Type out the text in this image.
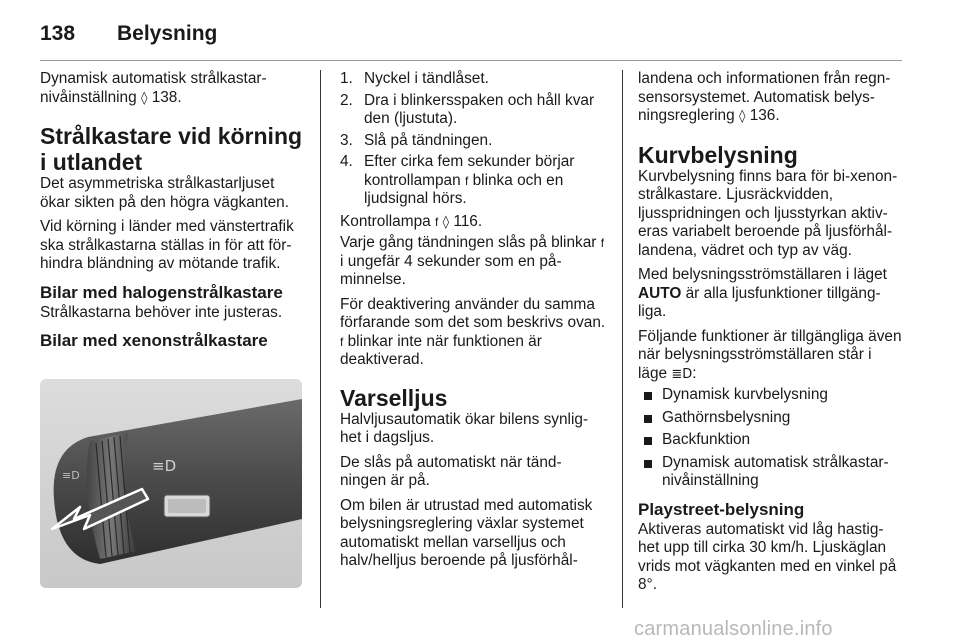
138 Belysning

Dynamisk automatisk strålkastar-nivåinställning ◊ 138.

Strålkastare vid körning i utlandet

Det asymmetriska strålkastarljuset ökar sikten på den högra vägkanten.

Vid körning i länder med vänstertrafik ska strålkastarna ställas in för att för-hindra bländning av mötande trafik.

Bilar med halogenstrålkastare

Strålkastarna behöver inte justeras.

Bilar med xenonstrålkastare
≡D
≡D
1. Nyckel i tändlåset.
2. Dra i blinkersspaken och håll kvar den (ljustuta).
3. Slå på tändningen.
4. Efter cirka fem sekunder börjar kontrollampan f blinka och en ljudsignal hörs.

Kontrollampa f ◊ 116.

Varje gång tändningen slås på blinkar f i ungefär 4 sekunder som en på-minnelse.

För deaktivering använder du samma förfarande som det som beskrivs ovan. f blinkar inte när funktionen är deaktiverad.

Varselljus

Halvljusautomatik ökar bilens synlig-het i dagsljus.

De slås på automatiskt när tänd-ningen är på.

Om bilen är utrustad med automatisk belysningsreglering växlar systemet automatiskt mellan varselljus och halv/helljus beroende på ljusförhål-

landena och informationen från regn-sensorsystemet. Automatisk belys-ningsreglering ◊ 136.

Kurvbelysning

Kurvbelysning finns bara för bi-xenon-strålkastare. Ljusräckvidden, ljusspridningen och ljusstyrkan aktiv-eras variabelt beroende på ljusförhål-landena, vädret och typ av väg.

Med belysningsströmställaren i läget AUTO är alla ljusfunktioner tillgäng-liga.

Följande funktioner är tillgängliga även när belysningsströmställaren står i läge ≣D:

Dynamisk kurvbelysning
Gathörnsbelysning
Backfunktion
Dynamisk automatisk strålkastar-nivåinställning
Playstreet-belysning

Aktiveras automatiskt vid låg hastig-het upp till cirka 30 km/h. Ljuskäglan vrids mot vägkanten med en vinkel på 8°.

carmanualsonline.info
